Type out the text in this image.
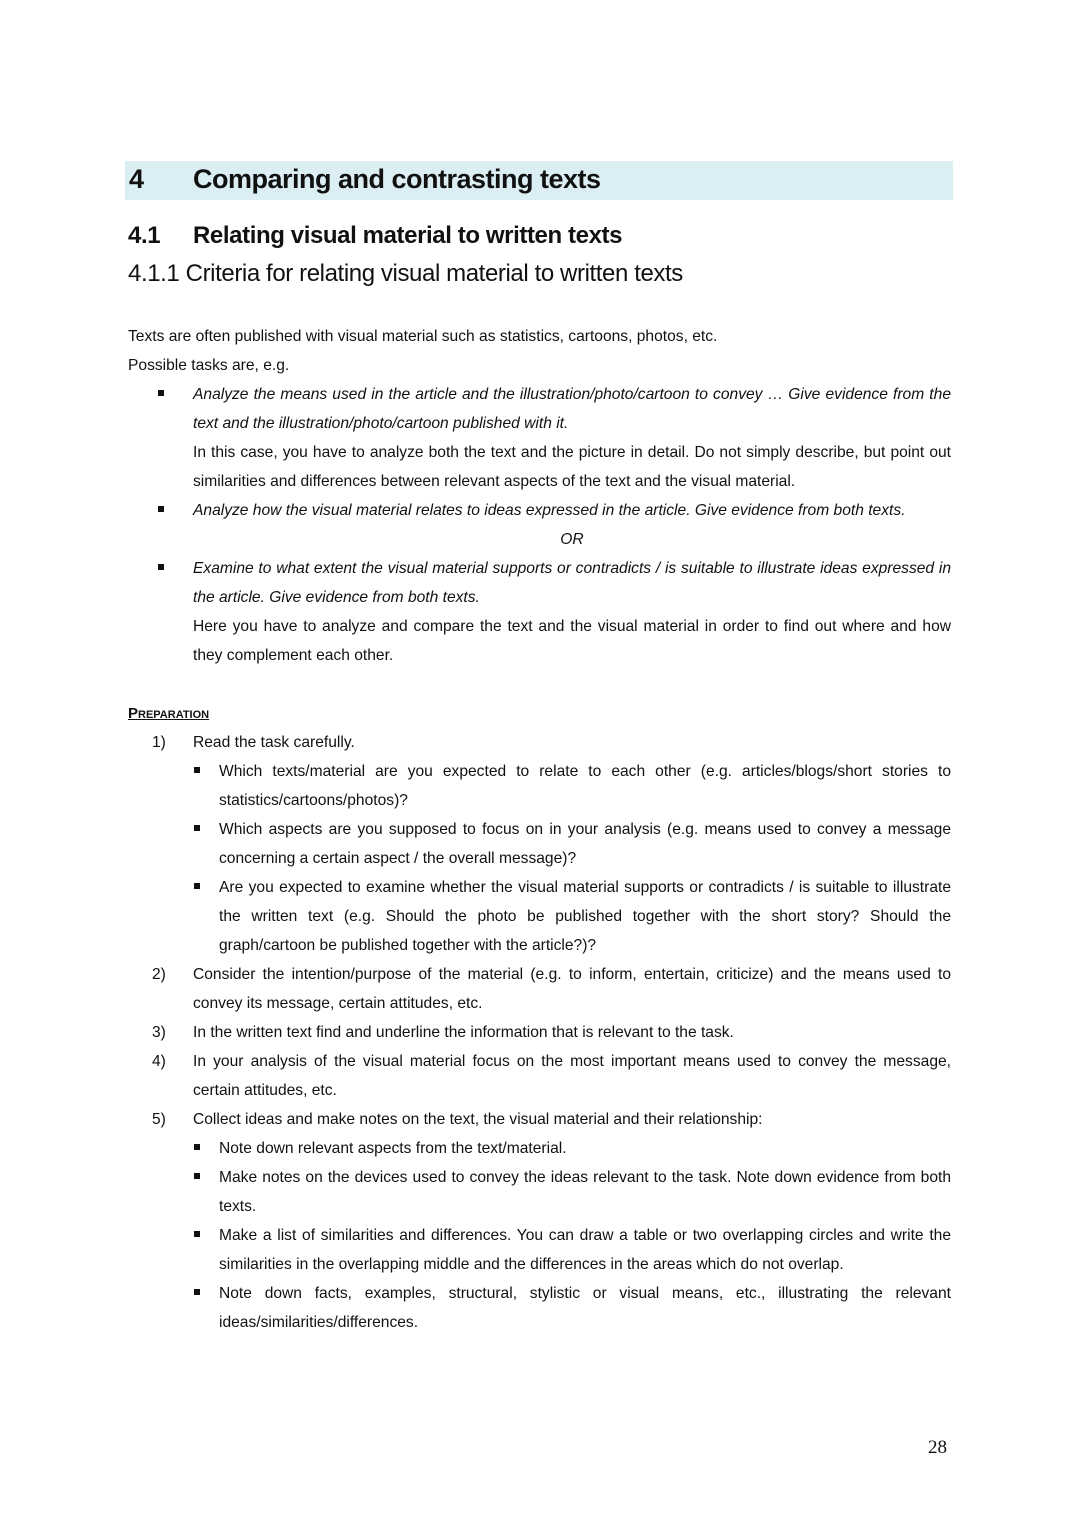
4 Comparing and contrasting texts
4.1 Relating visual material to written texts
4.1.1 Criteria for relating visual material to written texts

Texts are often published with visual material such as statistics, cartoons, photos, etc.

Possible tasks are, e.g.

Analyze the means used in the article and the illustration/photo/cartoon to convey … Give evidence from the text and the illustration/photo/cartoon published with it.

In this case, you have to analyze both the text and the picture in detail. Do not simply describe, but point out similarities and differences between relevant aspects of the text and the visual material.

Analyze how the visual material relates to ideas expressed in the article. Give evidence from both texts.

OR

Examine to what extent the visual material supports or contradicts / is suitable to illustrate ideas expressed in the article. Give evidence from both texts.

Here you have to analyze and compare the text and the visual material in order to find out where and how they complement each other.

Preparation

1) Read the task carefully.

Which texts/material are you expected to relate to each other (e.g. articles/blogs/short stories to statistics/cartoons/photos)?
Which aspects are you supposed to focus on in your analysis (e.g. means used to convey a message concerning a certain aspect / the overall message)?
Are you expected to examine whether the visual material supports or contradicts / is suitable to illustrate the written text (e.g. Should the photo be published together with the short story? Should the graph/cartoon be published together with the article?)?
2) Consider the intention/purpose of the material (e.g. to inform, entertain, criticize) and the means used to convey its message, certain attitudes, etc.

3) In the written text find and underline the information that is relevant to the task.

4) In your analysis of the visual material focus on the most important means used to convey the message, certain attitudes, etc.

5) Collect ideas and make notes on the text, the visual material and their relationship:

Note down relevant aspects from the text/material.
Make notes on the devices used to convey the ideas relevant to the task. Note down evidence from both texts.
Make a list of similarities and differences. You can draw a table or two overlapping circles and write the similarities in the overlapping middle and the differences in the areas which do not overlap.
Note down facts, examples, structural, stylistic or visual means, etc., illustrating the relevant ideas/similarities/differences.
28
